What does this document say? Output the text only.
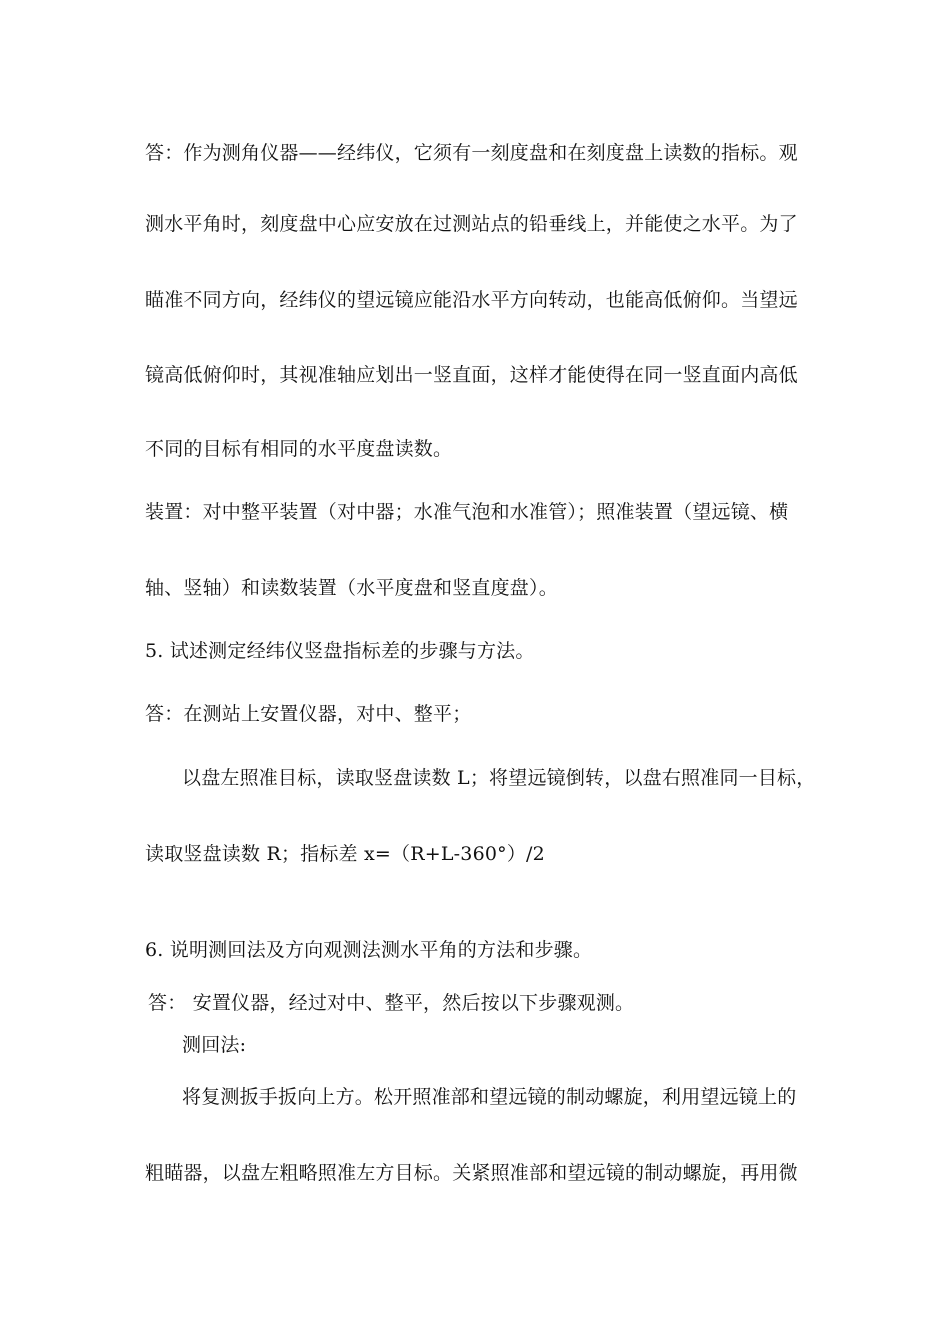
答：作为测角仪器——经纬仪，它须有一刻度盘和在刻度盘上读数的指标。观
测水平角时，刻度盘中心应安放在过测站点的铅垂线上，并能使之水平。为了
瞄准不同方向，经纬仪的望远镜应能沿水平方向转动，也能高低俯仰。当望远
镜高低俯仰时，其视准轴应划出一竖直面，这样才能使得在同一竖直面内高低
不同的目标有相同的水平度盘读数。
装置：对中整平装置（对中器；水准气泡和水准管）；照准装置（望远镜、横
轴、竖轴）和读数装置（水平度盘和竖直度盘）。
5. 试述测定经纬仪竖盘指标差的步骤与方法。
答：在测站上安置仪器，对中、整平；
以盘左照准目标，读取竖盘读数 L；将望远镜倒转，以盘右照准同一目标，
读取竖盘读数 R；指标差 x=（R+L-360°）/2
6. 说明测回法及方向观测法测水平角的方法和步骤。
答： 安置仪器，经过对中、整平，然后按以下步骤观测。
测回法:
将复测扳手扳向上方。松开照准部和望远镜的制动螺旋，利用望远镜上的
粗瞄器，以盘左粗略照准左方目标。关紧照准部和望远镜的制动螺旋，再用微
